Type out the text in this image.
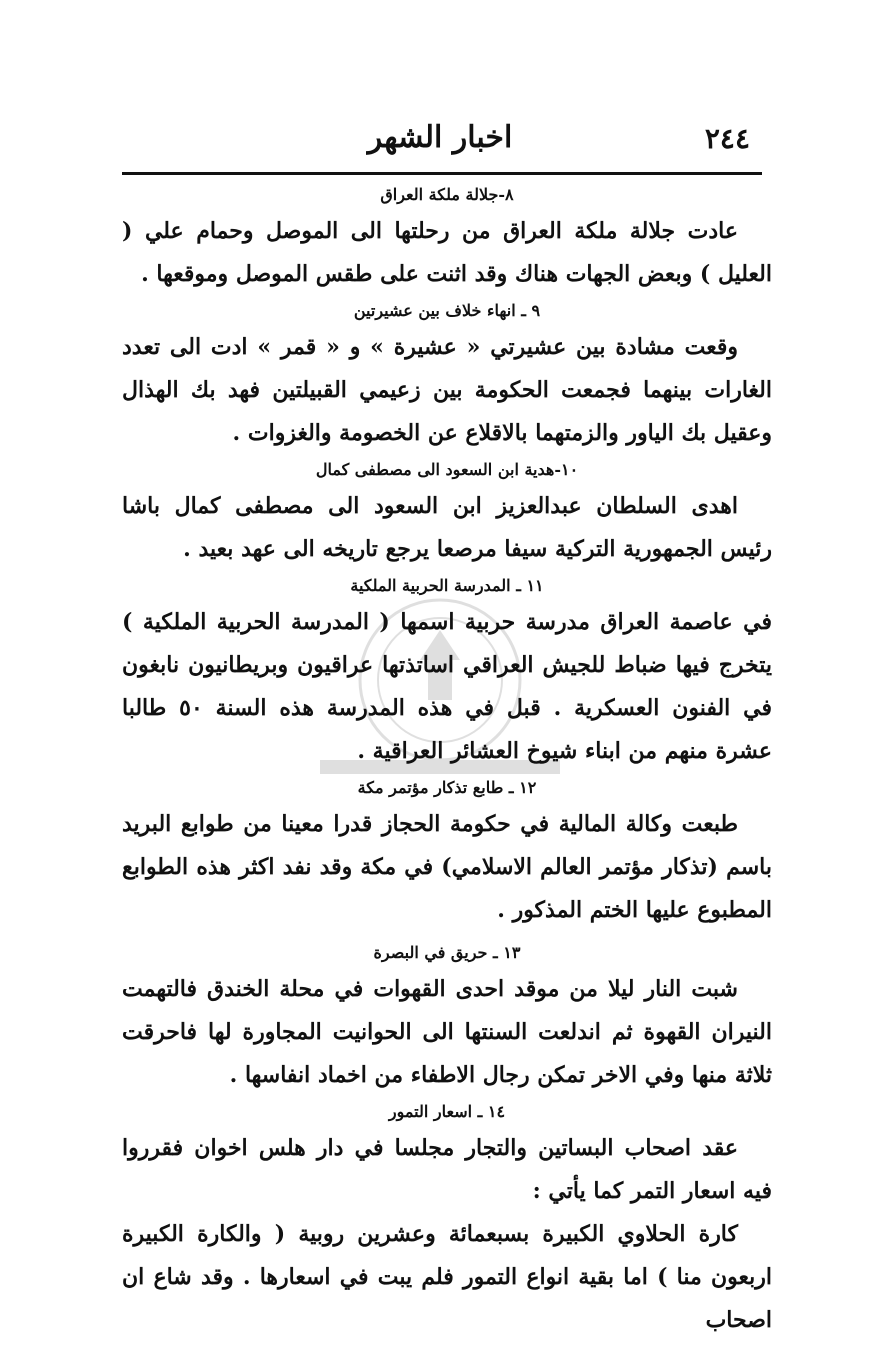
٢٤٤
اخبار الشهر
٨-جلالة ملكة العراق

عادت جلالة ملكة العراق من رحلتها الى الموصل وحمام علي ( العليل ) وبعض الجهات هناك وقد اثنت على طقس الموصل وموقعها .

٩ ـ انهاء خلاف بين عشيرتين

وقعت مشادة بين عشيرتي « عشيرة » و « قمر » ادت الى تعدد الغارات بينهما فجمعت الحكومة بين زعيمي القبيلتين فهد بك الهذال وعقيل بك الياور والزمتهما بالاقلاع عن الخصومة والغزوات .

١٠-هدية ابن السعود الى مصطفى كمال

اهدى السلطان عبدالعزيز ابن السعود الى مصطفى كمال باشا رئيس الجمهورية التركية سيفا مرصعا يرجع تاريخه الى عهد بعيد .

١١ ـ المدرسة الحربية الملكية

في عاصمة العراق مدرسة حربية اسمها ( المدرسة الحربية الملكية ) يتخرج فيها ضباط للجيش العراقي اساتذتها عراقيون وبريطانيون نابغون في الفنون العسكرية . قبل في هذه المدرسة هذه السنة ٥٠ طالبا عشرة منهم من ابناء شيوخ العشائر العراقية .

١٢ ـ طابع تذكار مؤتمر مكة

طبعت وكالة المالية في حكومة الحجاز قدرا معينا من طوابع البريد باسم (تذكار مؤتمر العالم الاسلامي) في مكة وقد نفد اكثر هذه الطوابع المطبوع عليها الختم المذكور .

١٣ ـ حريق في البصرة

شبت النار ليلا من موقد احدى القهوات في محلة الخندق فالتهمت النيران القهوة ثم اندلعت السنتها الى الحوانيت المجاورة لها فاحرقت ثلاثة منها وفي الاخر تمكن رجال الاطفاء من اخماد انفاسها .

١٤ ـ اسعار التمور

عقد اصحاب البساتين والتجار مجلسا في دار هلس اخوان فقرروا فيه اسعار التمر كما يأتي :

كارة الحلاوي الكبيرة بسبعمائة وعشرين روبية ( والكارة الكبيرة اربعون منا ) اما بقية انواع التمور فلم يبت في اسعارها . وقد شاع ان اصحاب
